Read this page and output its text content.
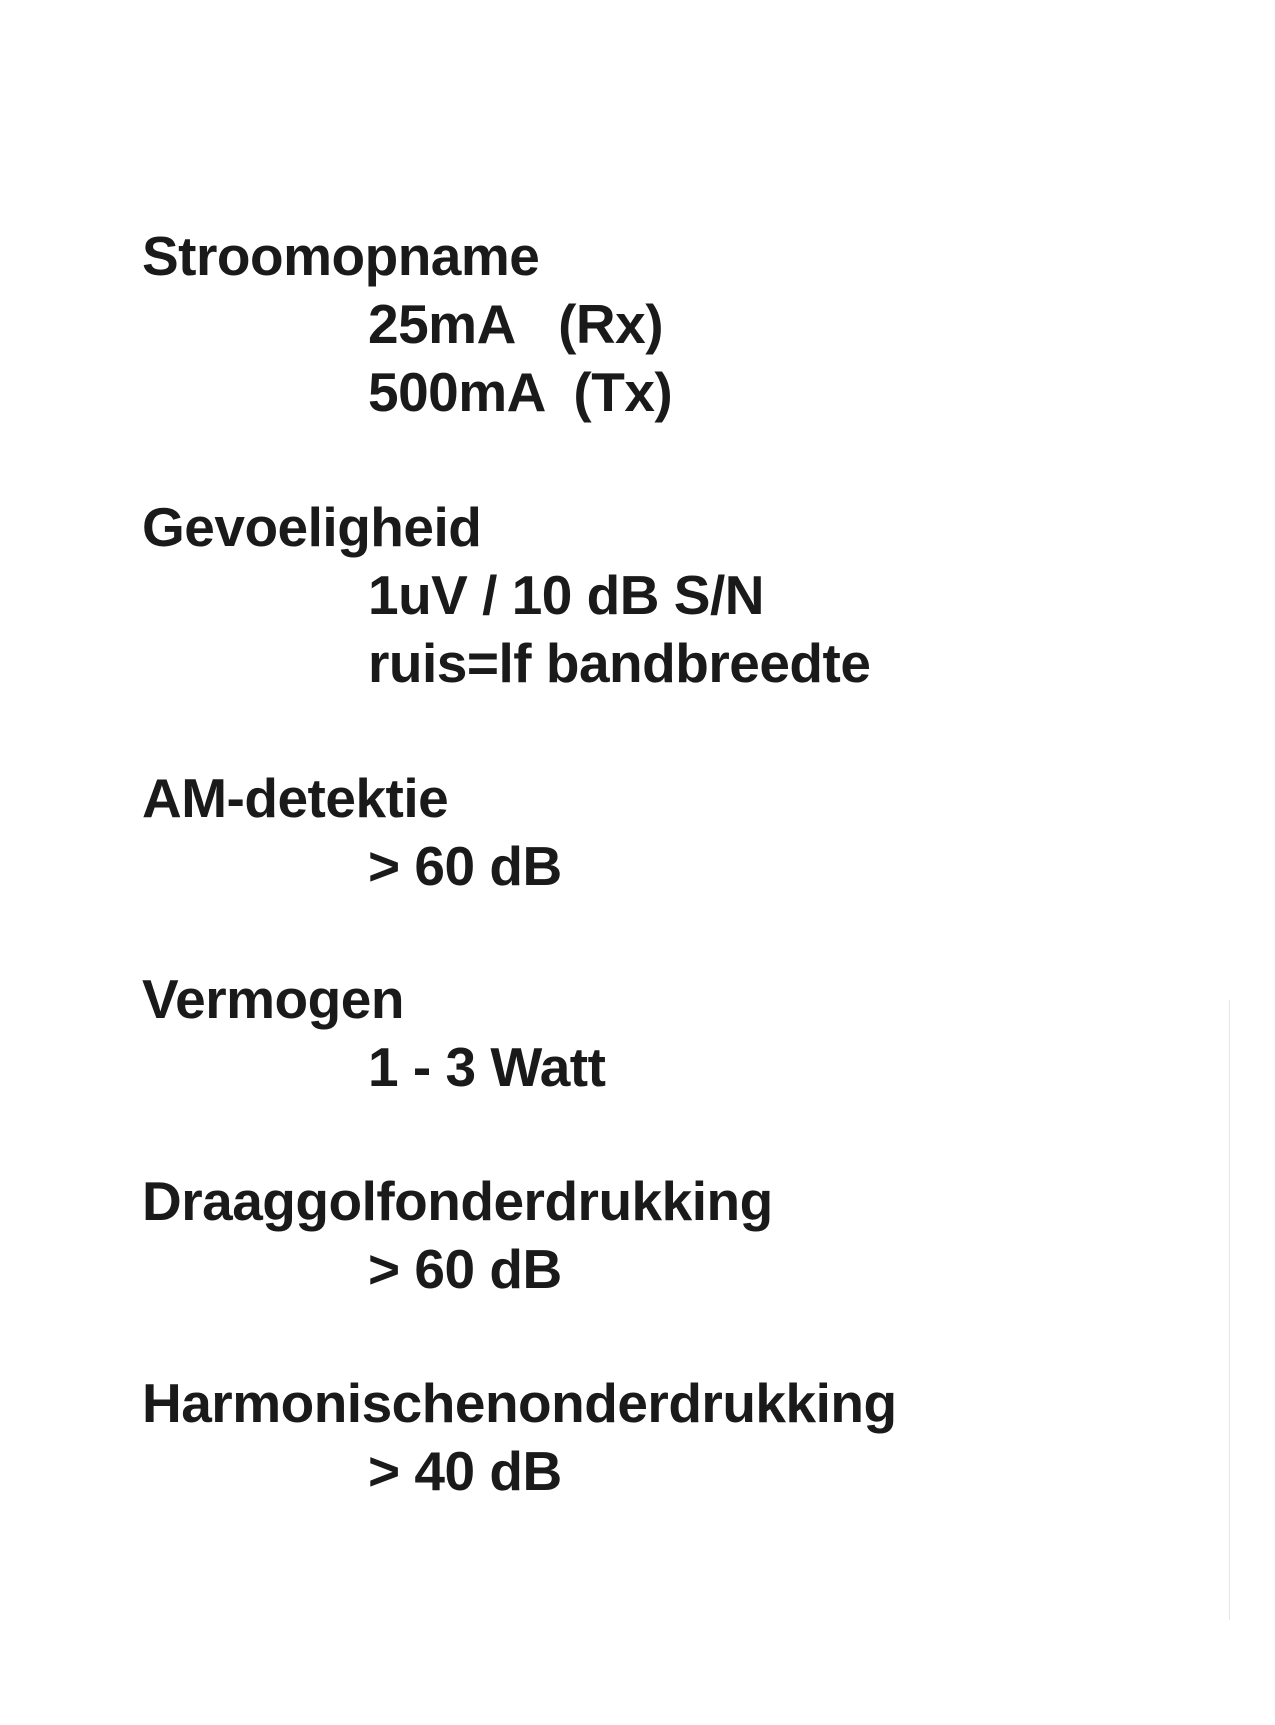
Stroomopname
25mA   (Rx)
500mA  (Tx)
Gevoeligheid
1uV / 10 dB S/N
ruis=lf bandbreedte
AM-detektie
> 60 dB
Vermogen
1 - 3 Watt
Draaggolfonderdrukking
> 60 dB
Harmonischenonderdrukking
> 40 dB
